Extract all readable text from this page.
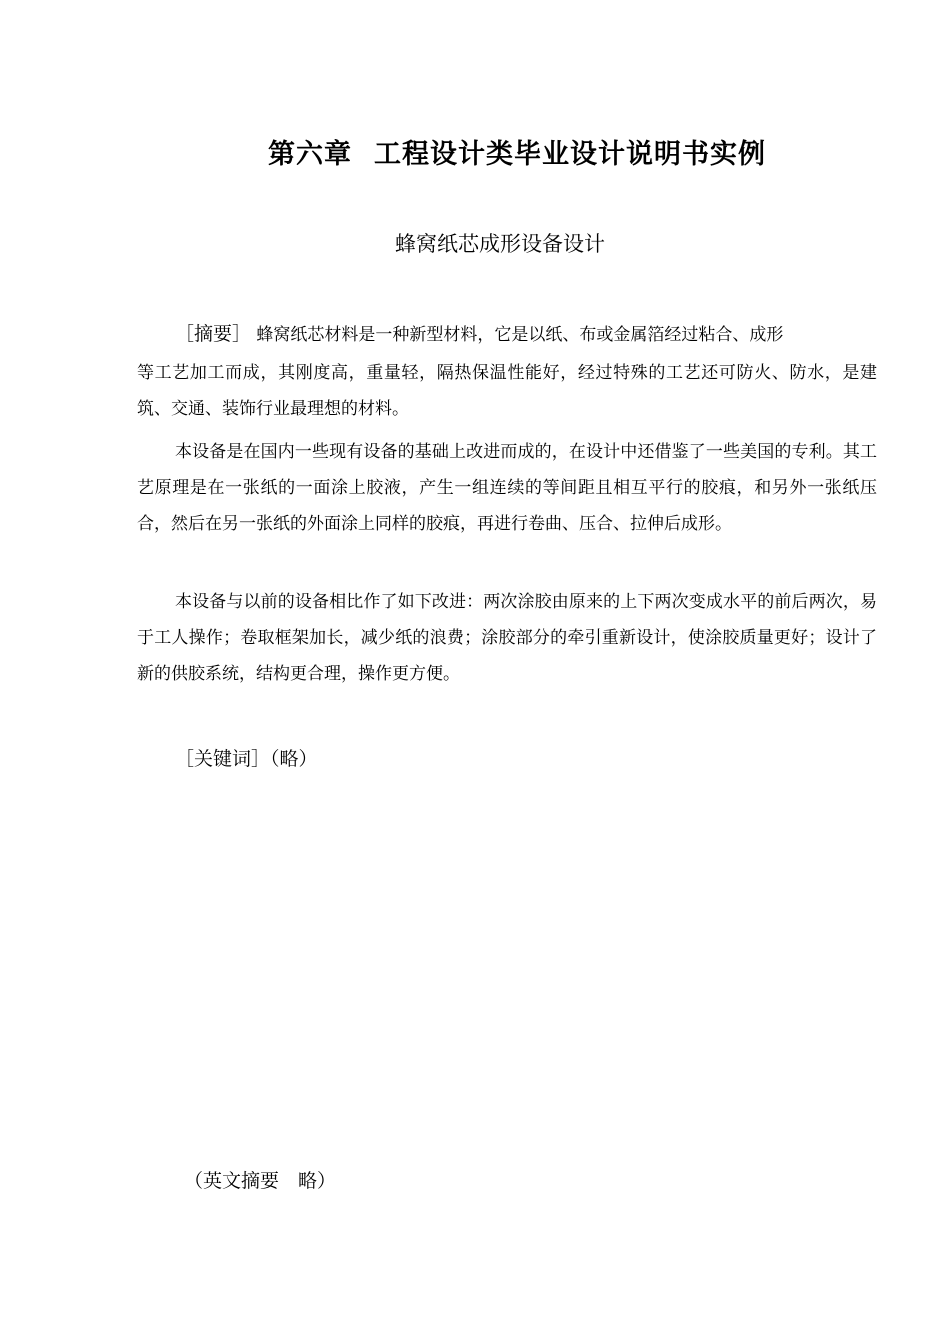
第六章 工程设计类毕业设计说明书实例
蜂窝纸芯成形设备设计

［摘要］ 蜂窝纸芯材料是一种新型材料，它是以纸、布或金属箔经过粘合、成形
等工艺加工而成，其刚度高，重量轻，隔热保温性能好，经过特殊的工艺还可防火、防水，是建筑、交通、装饰行业最理想的材料。

本设备是在国内一些现有设备的基础上改进而成的，在设计中还借鉴了一些美国的专利。其工艺原理是在一张纸的一面涂上胶液，产生一组连续的等间距且相互平行的胶痕，和另外一张纸压合，然后在另一张纸的外面涂上同样的胶痕，再进行卷曲、压合、拉伸后成形。

本设备与以前的设备相比作了如下改进：两次涂胶由原来的上下两次变成水平的前后两次，易于工人操作；卷取框架加长，减少纸的浪费；涂胶部分的牵引重新设计，使涂胶质量更好；设计了新的供胶系统，结构更合理，操作更方便。

［关键词］（略）
（英文摘要　 略）
